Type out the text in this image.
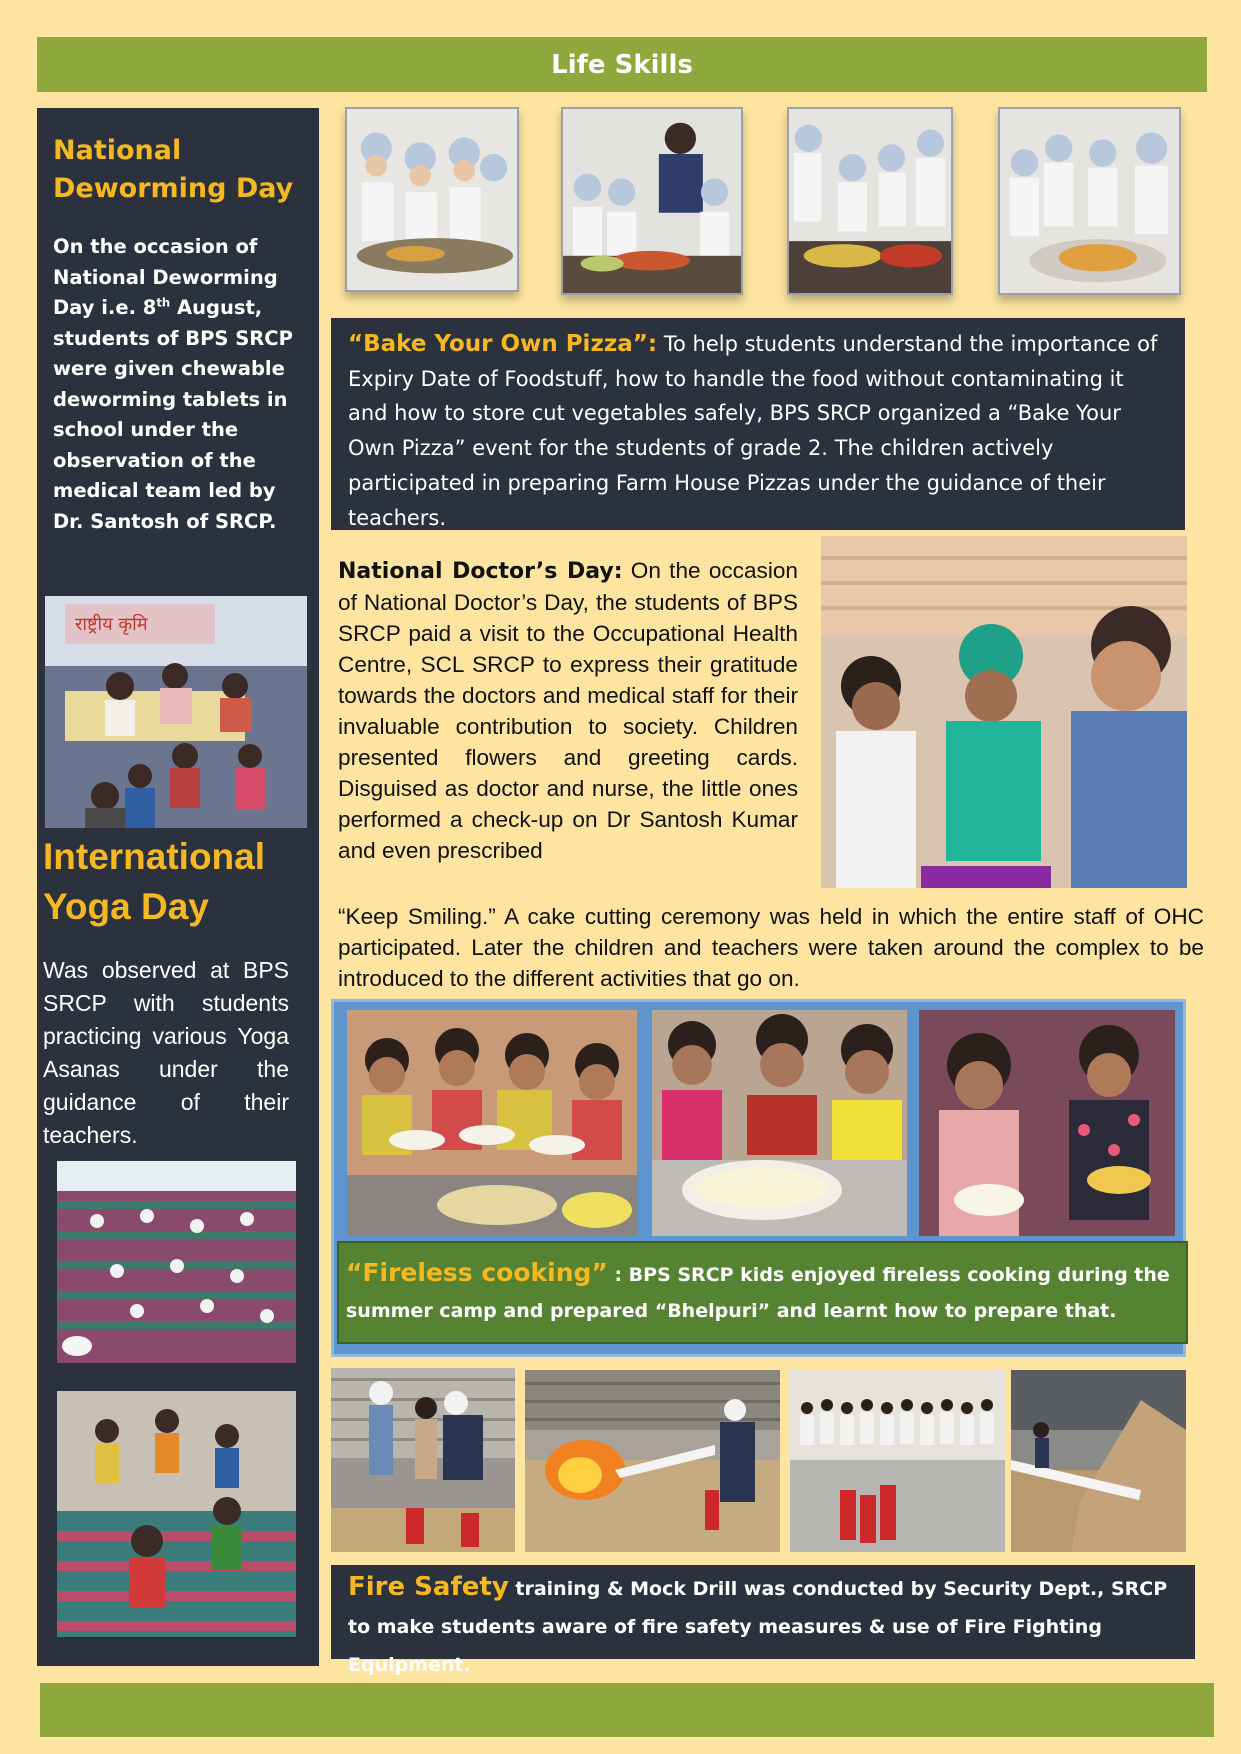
Life Skills
National
Deworming Day
On the occasion of National Deworming Day i.e. 8th August, students of BPS SRCP were given chewable deworming tablets in school under the observation of the medical team led by Dr. Santosh of SRCP.
राष्ट्रीय कृमि
International
Yoga Day
Was observed at BPS SRCP with students practicing various Yoga Asanas under the guidance of their teachers.
“Bake Your Own Pizza”: To help students understand the importance of Expiry Date of Foodstuff, how to handle the food without contaminating it and how to store cut vegetables safely, BPS SRCP organized a “Bake Your Own Pizza” event for the students of grade 2. The children actively participated in preparing Farm House Pizzas under the guidance of their teachers.
National Doctor’s Day: On the occasion of National Doctor’s Day, the students of BPS SRCP paid a visit to the Occupational Health Centre, SCL SRCP to express their gratitude towards the doctors and medical staff for their invaluable contribution to society. Children presented flowers and greeting cards. Disguised as doctor and nurse, the little ones performed a check-up on Dr Santosh Kumar and even prescribed
“Keep Smiling.” A cake cutting ceremony was held in which the entire staff of OHC participated. Later the children and teachers were taken around the complex to be introduced to the different activities that go on.
“Fireless cooking” : BPS SRCP kids enjoyed fireless cooking during the summer camp and prepared “Bhelpuri” and learnt how to prepare that.
Fire Safety training & Mock Drill was conducted by Security Dept., SRCP to make students aware of fire safety measures & use of Fire Fighting Equipment.
